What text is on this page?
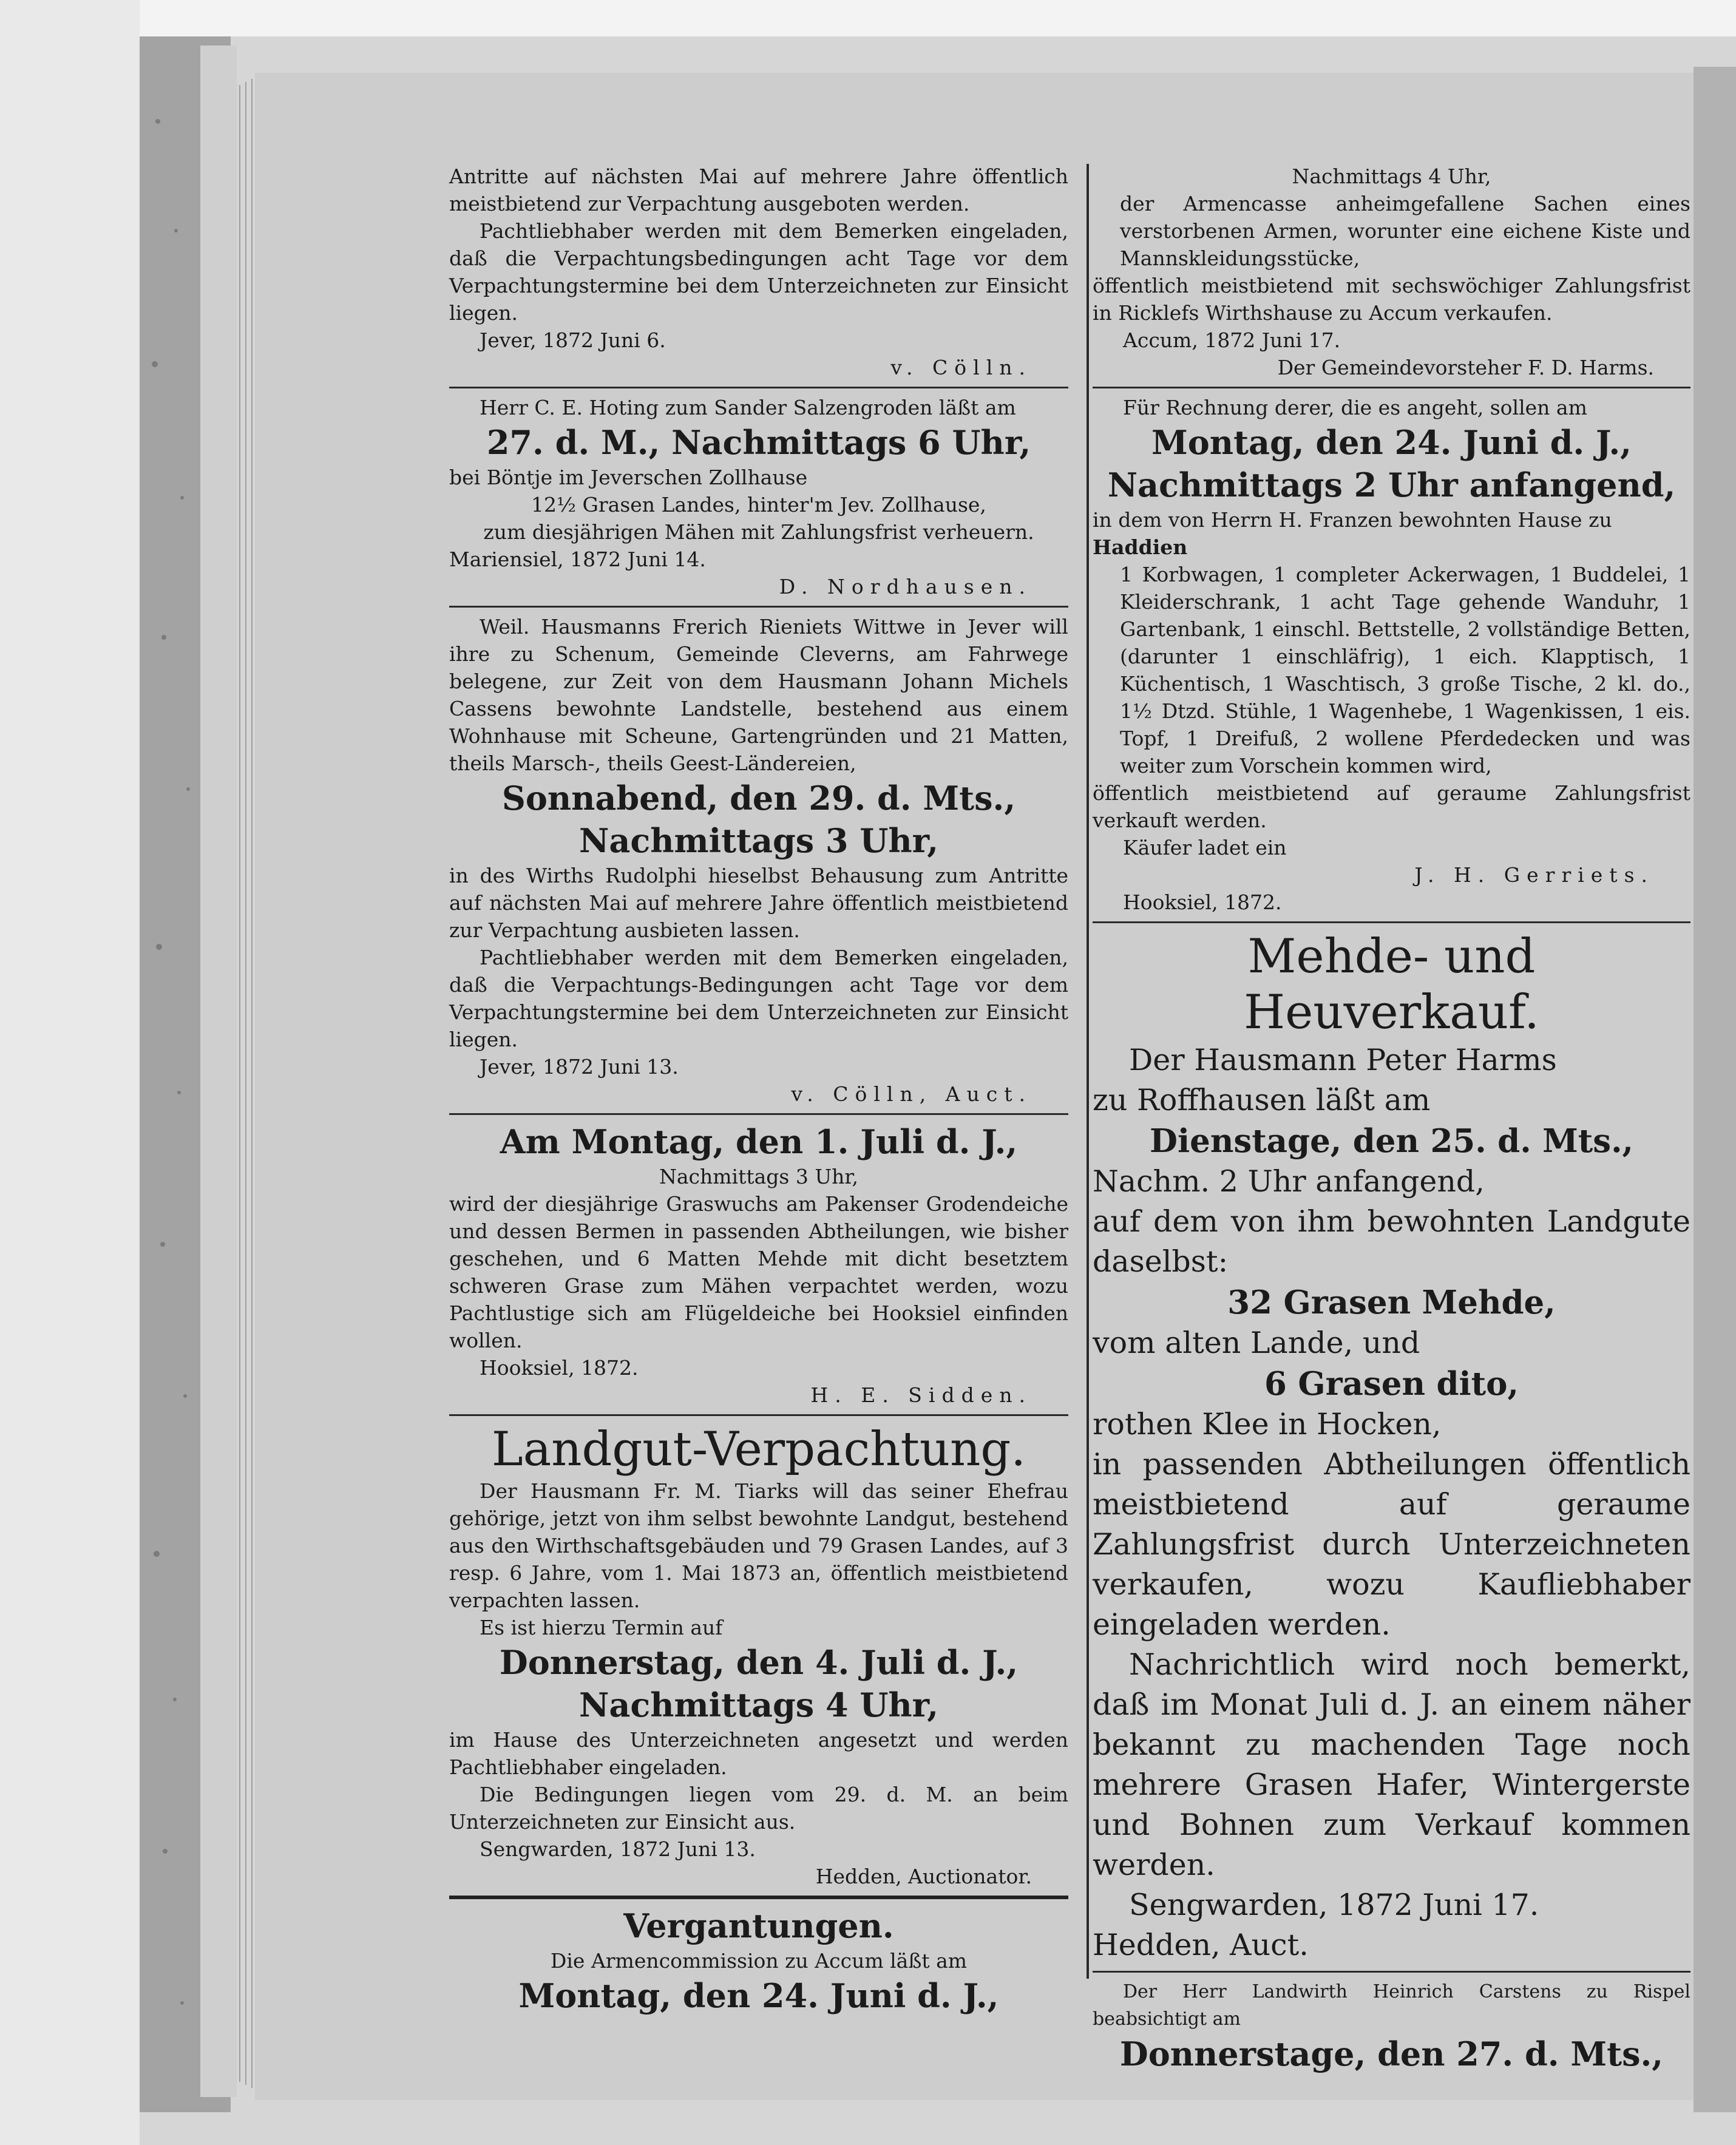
Antritte auf nächsten Mai auf mehrere Jahre öffentlich meistbietend zur Verpachtung ausgeboten werden.

Pachtliebhaber werden mit dem Bemerken eingeladen, daß die Verpachtungsbedingungen acht Tage vor dem Verpachtungstermine bei dem Unterzeichneten zur Einsicht liegen.

Jever, 1872 Juni 6.

v. Cölln.

Herr C. E. Hoting zum Sander Salzengroden läßt am

27. d. M., Nachmittags 6 Uhr,

bei Böntje im Jeverschen Zollhause

12½ Grasen Landes, hinter'm Jev. Zollhause,

zum diesjährigen Mähen mit Zahlungsfrist verheuern.

Mariensiel, 1872 Juni 14.

D. Nordhausen.

Weil. Hausmanns Frerich Rieniets Wittwe in Jever will ihre zu Schenum, Gemeinde Cleverns, am Fahrwege belegene, zur Zeit von dem Hausmann Johann Michels Cassens bewohnte Landstelle, bestehend aus einem Wohnhause mit Scheune, Gartengründen und 21 Matten, theils Marsch-, theils Geest-Ländereien,

Sonnabend, den 29. d. Mts.,

Nachmittags 3 Uhr,

in des Wirths Rudolphi hieselbst Behausung zum Antritte auf nächsten Mai auf mehrere Jahre öffentlich meistbietend zur Verpachtung ausbieten lassen.

Pachtliebhaber werden mit dem Bemerken eingeladen, daß die Verpachtungs-Bedingungen acht Tage vor dem Verpachtungstermine bei dem Unterzeichneten zur Einsicht liegen.

Jever, 1872 Juni 13.

v. Cölln, Auct.

Am Montag, den 1. Juli d. J.,

Nachmittags 3 Uhr,

wird der diesjährige Graswuchs am Pakenser Grodendeiche und dessen Bermen in passenden Abtheilungen, wie bisher geschehen, und 6 Matten Mehde mit dicht besetztem schweren Grase zum Mähen verpachtet werden, wozu Pachtlustige sich am Flügeldeiche bei Hooksiel einfinden wollen.

Hooksiel, 1872.

H. E. Sidden.

Landgut-Verpachtung.

Der Hausmann Fr. M. Tiarks will das seiner Ehefrau gehörige, jetzt von ihm selbst bewohnte Landgut, bestehend aus den Wirthschaftsgebäuden und 79 Grasen Landes, auf 3 resp. 6 Jahre, vom 1. Mai 1873 an, öffentlich meistbietend verpachten lassen.

Es ist hierzu Termin auf

Donnerstag, den 4. Juli d. J.,

Nachmittags 4 Uhr,

im Hause des Unterzeichneten angesetzt und werden Pachtliebhaber eingeladen.

Die Bedingungen liegen vom 29. d. M. an beim Unterzeichneten zur Einsicht aus.

Sengwarden, 1872 Juni 13.

Hedden, Auctionator.

Vergantungen.

Die Armencommission zu Accum läßt am

Montag, den 24. Juni d. J.,

Nachmittags 4 Uhr,

der Armencasse anheimgefallene Sachen eines verstorbenen Armen, worunter eine eichene Kiste und Mannskleidungsstücke,

öffentlich meistbietend mit sechswöchiger Zahlungsfrist in Ricklefs Wirthshause zu Accum verkaufen.

Accum, 1872 Juni 17.

Der Gemeindevorsteher F. D. Harms.

Für Rechnung derer, die es angeht, sollen am

Montag, den 24. Juni d. J.,

Nachmittags 2 Uhr anfangend,

in dem von Herrn H. Franzen bewohnten Hause zu

Haddien

1 Korbwagen, 1 completer Ackerwagen, 1 Buddelei, 1 Kleiderschrank, 1 acht Tage gehende Wanduhr, 1 Gartenbank, 1 einschl. Bettstelle, 2 vollständige Betten, (darunter 1 einschläfrig), 1 eich. Klapptisch, 1 Küchentisch, 1 Waschtisch, 3 große Tische, 2 kl. do., 1½ Dtzd. Stühle, 1 Wagenhebe, 1 Wagenkissen, 1 eis. Topf, 1 Dreifuß, 2 wollene Pferdedecken und was weiter zum Vorschein kommen wird,

öffentlich meistbietend auf geraume Zahlungsfrist verkauft werden.

Käufer ladet ein

J. H. Gerriets.

Hooksiel, 1872.

Mehde- und Heuverkauf.

Der Hausmann Peter Harms

zu Roffhausen läßt am

Dienstage, den 25. d. Mts.,

Nachm. 2 Uhr anfangend,

auf dem von ihm bewohnten Landgute daselbst:

32 Grasen Mehde,

vom alten Lande, und

6 Grasen dito,

rothen Klee in Hocken,

in passenden Abtheilungen öffentlich meistbietend auf geraume Zahlungsfrist durch Unterzeichneten verkaufen, wozu Kaufliebhaber eingeladen werden.

Nachrichtlich wird noch bemerkt, daß im Monat Juli d. J. an einem näher bekannt zu machenden Tage noch mehrere Grasen Hafer, Wintergerste und Bohnen zum Verkauf kommen werden.

Sengwarden, 1872 Juni 17.

Hedden, Auct.

Der Herr Landwirth Heinrich Carstens zu Rispel beabsichtigt am

Donnerstage, den 27. d. Mts.,
